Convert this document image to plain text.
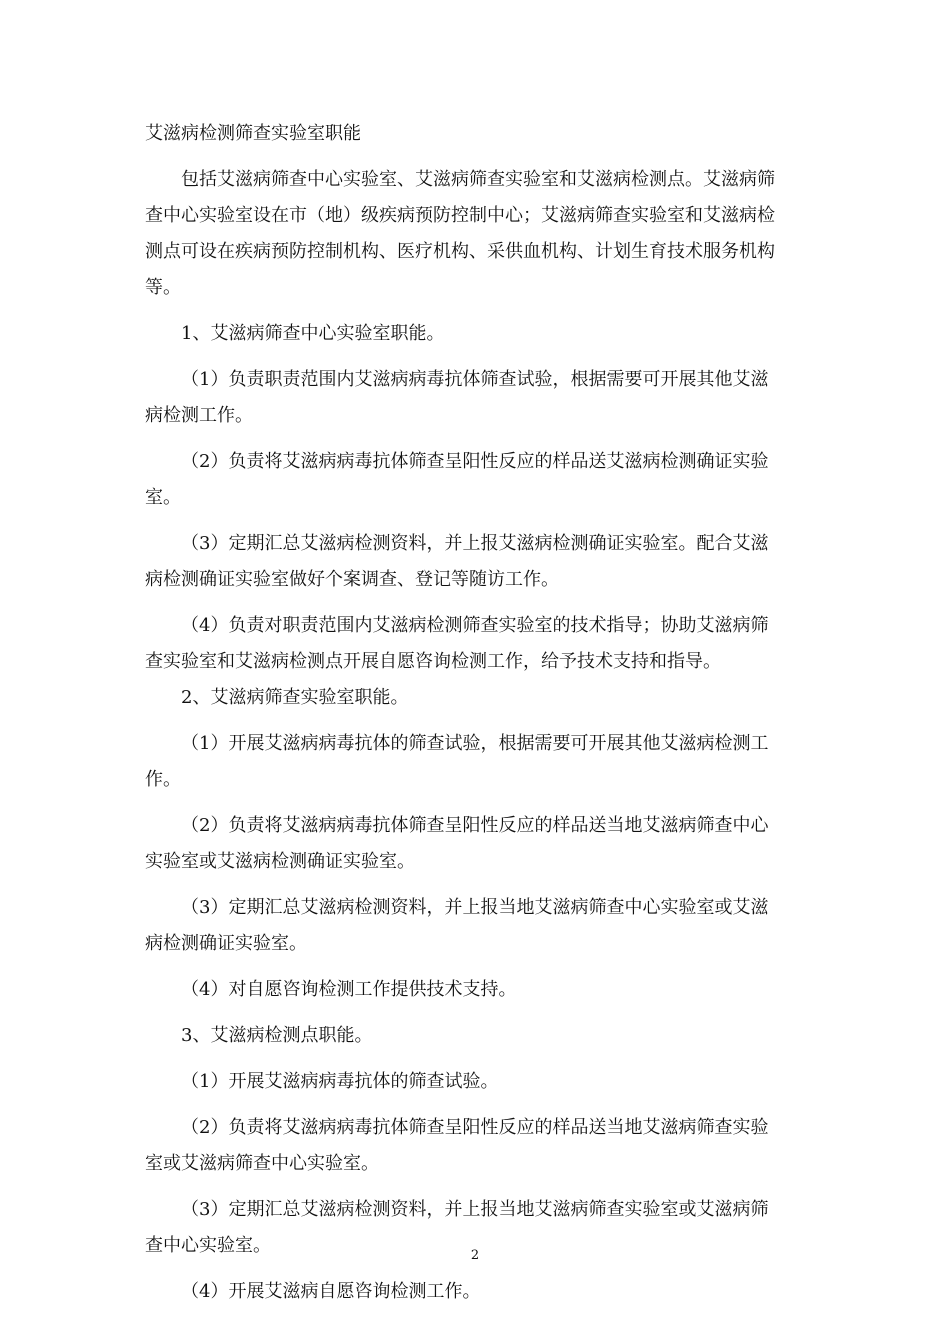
艾滋病检测筛查实验室职能

包括艾滋病筛查中心实验室、艾滋病筛查实验室和艾滋病检测点。艾滋病筛

查中心实验室设在市（地）级疾病预防控制中心；艾滋病筛查实验室和艾滋病检

测点可设在疾病预防控制机构、医疗机构、采供血机构、计划生育技术服务机构

等。

1、艾滋病筛查中心实验室职能。

（1）负责职责范围内艾滋病病毒抗体筛查试验，根据需要可开展其他艾滋

病检测工作。

（2）负责将艾滋病病毒抗体筛查呈阳性反应的样品送艾滋病检测确证实验

室。

（3）定期汇总艾滋病检测资料，并上报艾滋病检测确证实验室。配合艾滋

病检测确证实验室做好个案调查、登记等随访工作。

（4）负责对职责范围内艾滋病检测筛查实验室的技术指导；协助艾滋病筛

查实验室和艾滋病检测点开展自愿咨询检测工作，给予技术支持和指导。

2、艾滋病筛查实验室职能。

（1）开展艾滋病病毒抗体的筛查试验，根据需要可开展其他艾滋病检测工

作。

（2）负责将艾滋病病毒抗体筛查呈阳性反应的样品送当地艾滋病筛查中心

实验室或艾滋病检测确证实验室。

（3）定期汇总艾滋病检测资料，并上报当地艾滋病筛查中心实验室或艾滋

病检测确证实验室。

（4）对自愿咨询检测工作提供技术支持。

3、艾滋病检测点职能。

（1）开展艾滋病病毒抗体的筛查试验。

（2）负责将艾滋病病毒抗体筛查呈阳性反应的样品送当地艾滋病筛查实验

室或艾滋病筛查中心实验室。

（3）定期汇总艾滋病检测资料，并上报当地艾滋病筛查实验室或艾滋病筛

查中心实验室。

（4）开展艾滋病自愿咨询检测工作。

2
